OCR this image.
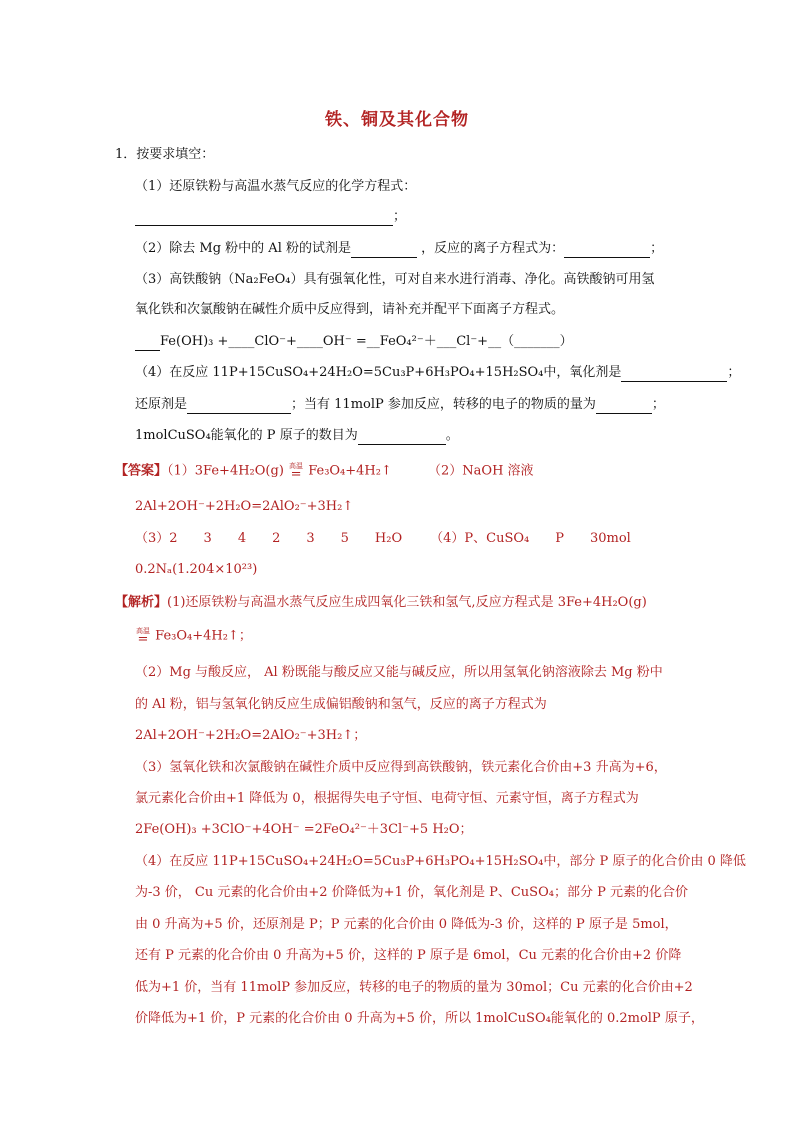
铁、铜及其化合物
1．按要求填空：
（1）还原铁粉与高温水蒸气反应的化学方程式：
；
（2）除去 Mg 粉中的 Al 粉的试剂是	，反应的离子方程式为：	；
（3）高铁酸钠（Na₂FeO₄）具有强氧化性，可对自来水进行消毒、净化。高铁酸钠可用氢
氧化铁和次氯酸钠在碱性介质中反应得到，请补充并配平下面离子方程式。
Fe(OH)₃ +____ClO⁻+____OH⁻ =__FeO₄²⁻＋___Cl⁻+__（_______）
（4）在反应 11P+15CuSO₄+24H₂O=5Cu₃P+6H₃PO₄+15H₂SO₄中，氧化剂是	；
还原剂是	；当有 11molP 参加反应，转移的电子的物质的量为	；
1molCuSO₄能氧化的 P 原子的数目为	。
【答案】（1）3Fe+4H₂O(g) 高温
= Fe₃O₄+4H₂↑	（2）NaOH 溶液
2Al+2OH⁻+2H₂O=2AlO₂⁻+3H₂↑
（3）2　　3　　4　　2　　3　　5　　H₂O （4）P、CuSO₄　　P　　30mol
0.2Nₐ(1.204×10²³)
【解析】(1)还原铁粉与高温水蒸气反应生成四氧化三铁和氢气,反应方程式是 3Fe+4H₂O(g)
高温
= Fe₃O₄+4H₂↑；
（2）Mg 与酸反应， Al 粉既能与酸反应又能与碱反应，所以用氢氧化钠溶液除去 Mg 粉中
的 Al 粉，铝与氢氧化钠反应生成偏铝酸钠和氢气，反应的离子方程式为
2Al+2OH⁻+2H₂O=2AlO₂⁻+3H₂↑；
（3）氢氧化铁和次氯酸钠在碱性介质中反应得到高铁酸钠，铁元素化合价由+3 升高为+6，
氯元素化合价由+1 降低为 0，根据得失电子守恒、电荷守恒、元素守恒，离子方程式为
2Fe(OH)₃ +3ClO⁻+4OH⁻ =2FeO₄²⁻＋3Cl⁻+5 H₂O；
（4）在反应 11P+15CuSO₄+24H₂O=5Cu₃P+6H₃PO₄+15H₂SO₄中，部分 P 原子的化合价由 0 降低
为-3 价， Cu 元素的化合价由+2 价降低为+1 价，氧化剂是 P、CuSO₄；部分 P 元素的化合价
由 0 升高为+5 价，还原剂是 P；P 元素的化合价由 0 降低为-3 价，这样的 P 原子是 5mol，
还有 P 元素的化合价由 0 升高为+5 价，这样的 P 原子是 6mol，Cu 元素的化合价由+2 价降
低为+1 价，当有 11molP 参加反应，转移的电子的物质的量为 30mol；Cu 元素的化合价由+2
价降低为+1 价，P 元素的化合价由 0 升高为+5 价，所以 1molCuSO₄能氧化的 0.2molP 原子，
